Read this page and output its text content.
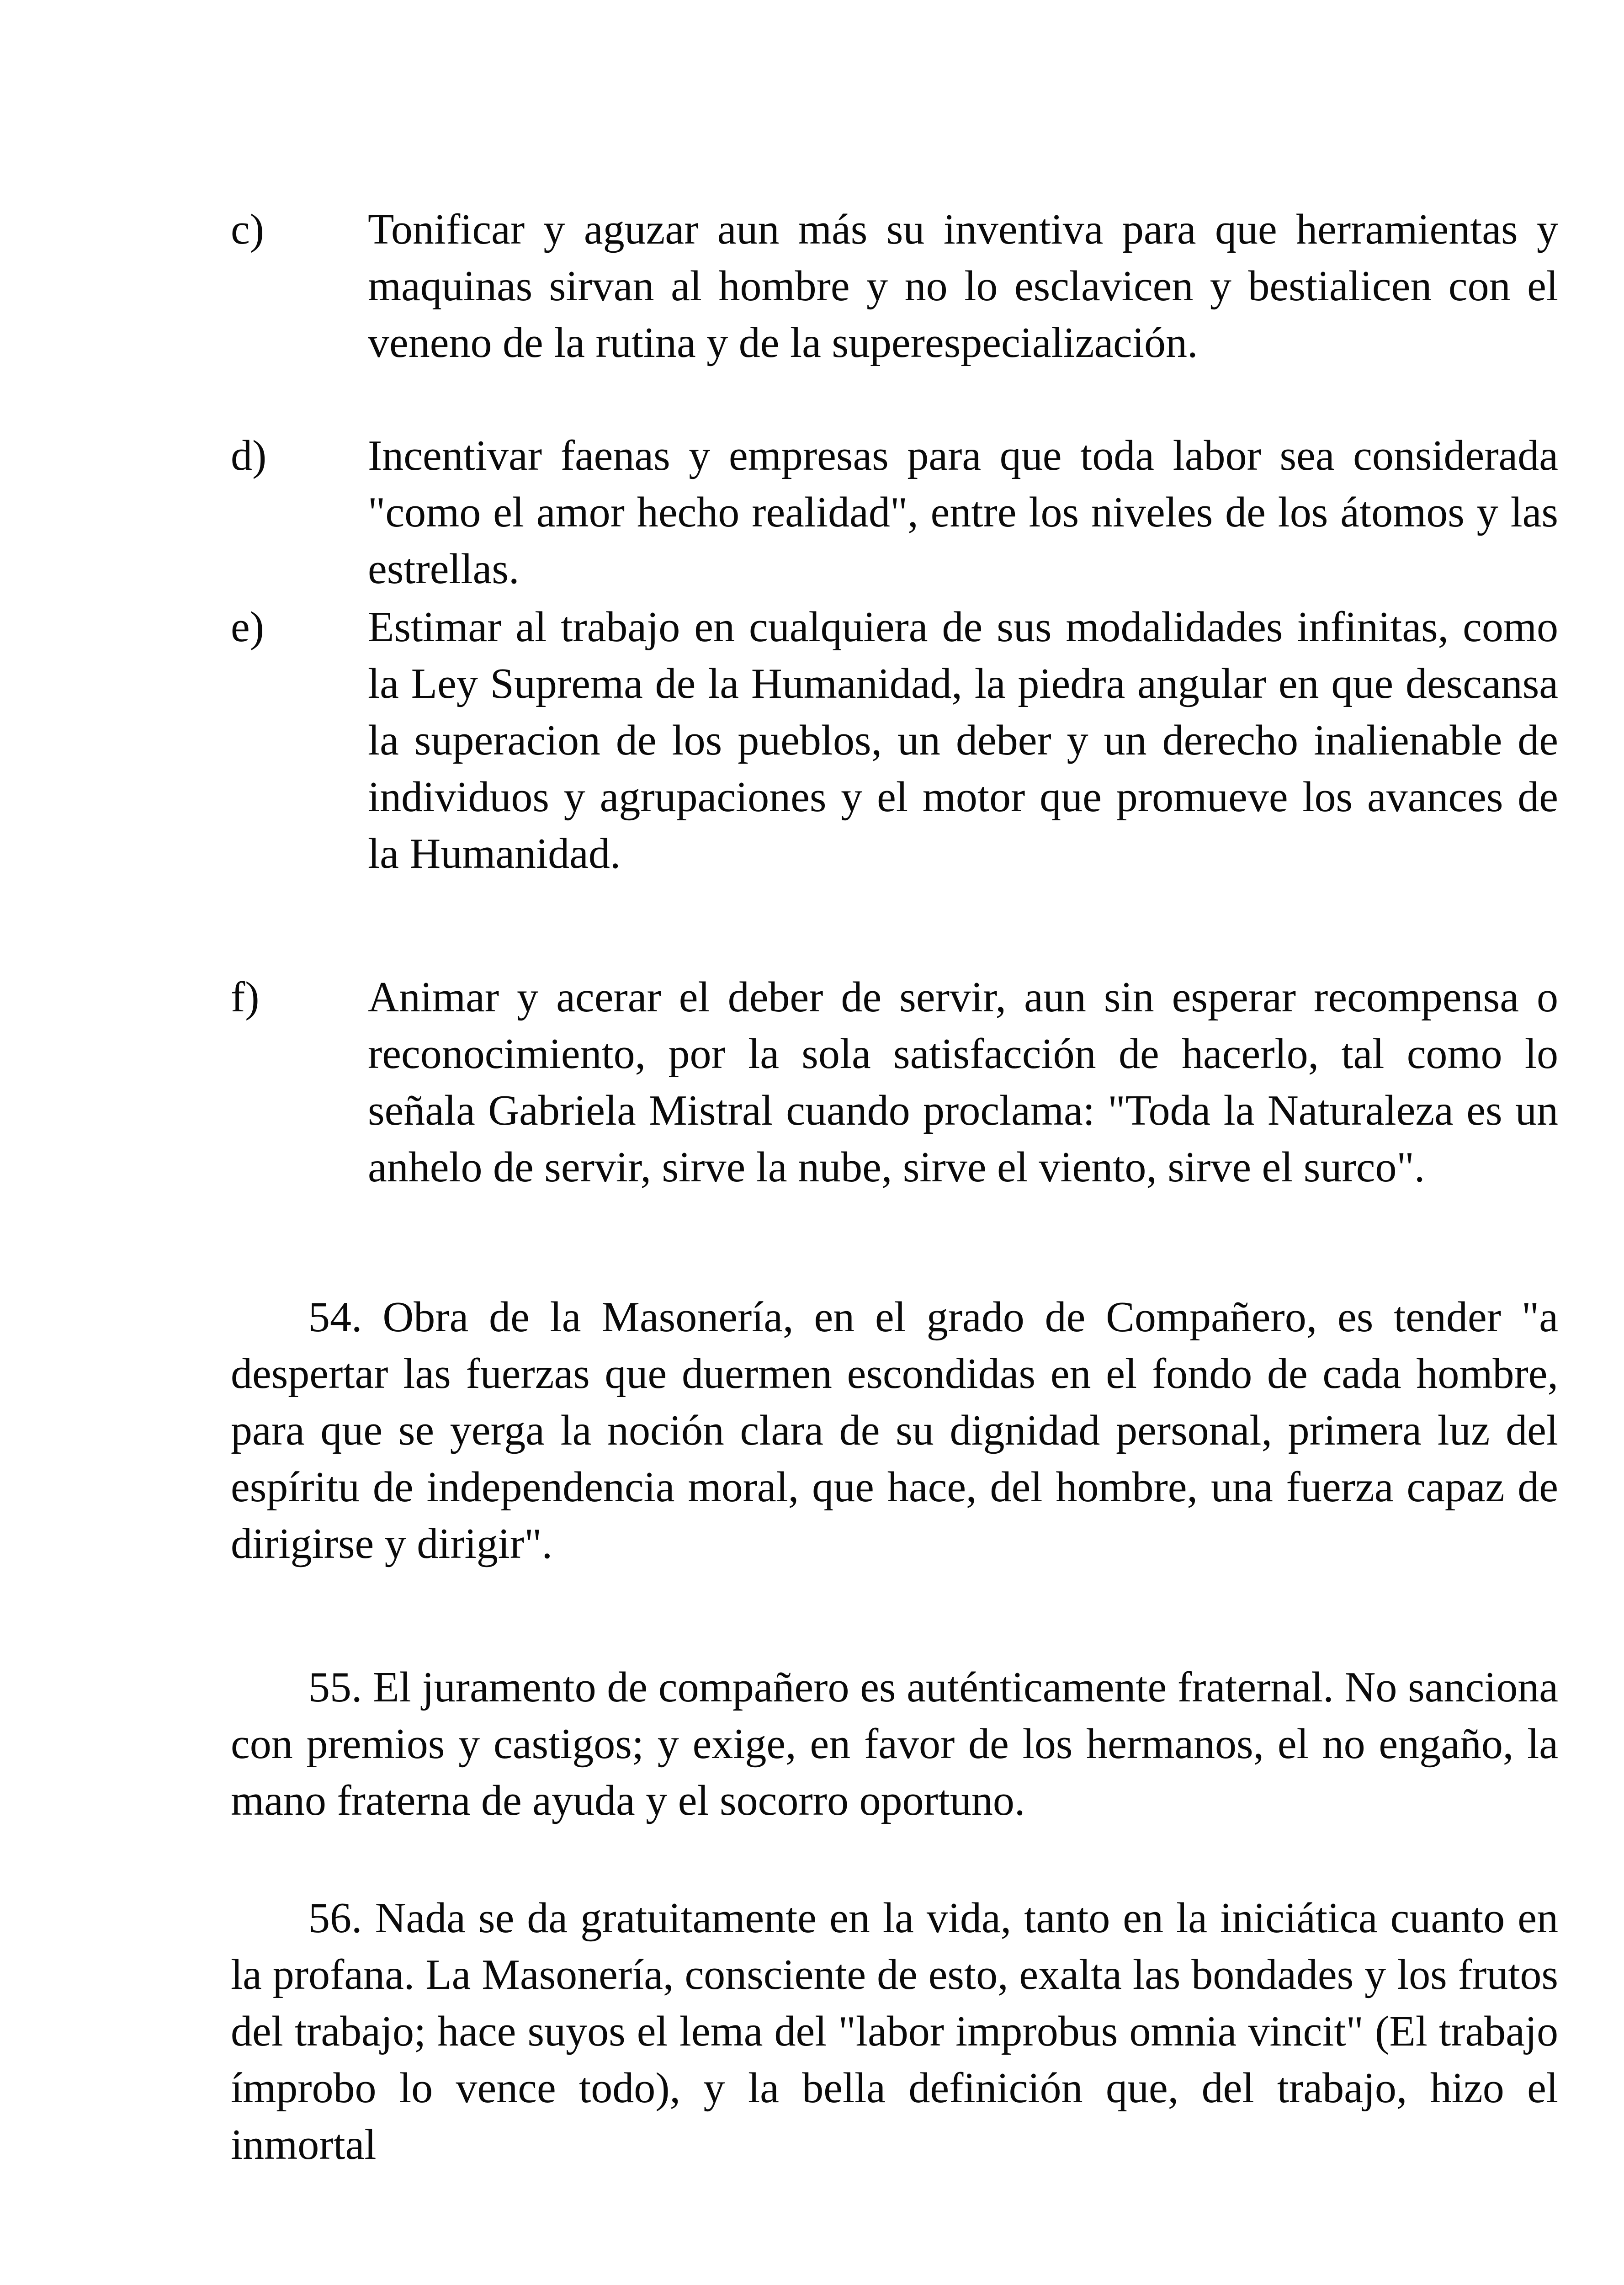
c)	Tonificar y aguzar aun más su inventiva para que herramientas y maquinas sirvan al hombre y no lo esclavicen y bestialicen con el veneno de la rutina y de la superespecialización.
d)	Incentivar faenas y empresas para que toda labor sea considerada "como el amor hecho realidad", entre los niveles de los átomos y las estrellas.
e)	Estimar al trabajo en cualquiera de sus modalidades infinitas, como la Ley Suprema de la Humanidad, la piedra angular en que descansa la superacion de los pueblos, un deber y un derecho inalienable de individuos y agrupaciones y el motor que promueve los avances de la Humanidad.
f)	Animar y acerar el deber de servir, aun sin esperar recompensa o reconocimiento, por la sola satisfacción de hacerlo, tal como lo señala Gabriela Mistral cuando proclama: "Toda la Naturaleza es un anhelo de servir, sirve la nube, sirve el viento, sirve el surco".

54. Obra de la Masonería, en el grado de Compañero, es tender "a despertar las fuerzas que duermen escondidas en el fondo de cada hombre, para que se yerga la noción clara de su dignidad personal, primera luz del espíritu de independencia moral, que hace, del hombre, una fuerza capaz de dirigirse y dirigir".

55. El juramento de compañero es auténticamente fraternal. No sanciona con premios y castigos; y exige, en favor de los hermanos, el no engaño, la mano fraterna de ayuda y el socorro oportuno.

56. Nada se da gratuitamente en la vida, tanto en la iniciática cuanto en la profana. La Masonería, consciente de esto, exalta las bondades y los frutos del trabajo; hace suyos el lema del "labor improbus omnia vincit" (El trabajo ímprobo lo vence todo), y la bella definición que, del trabajo, hizo el inmortal
